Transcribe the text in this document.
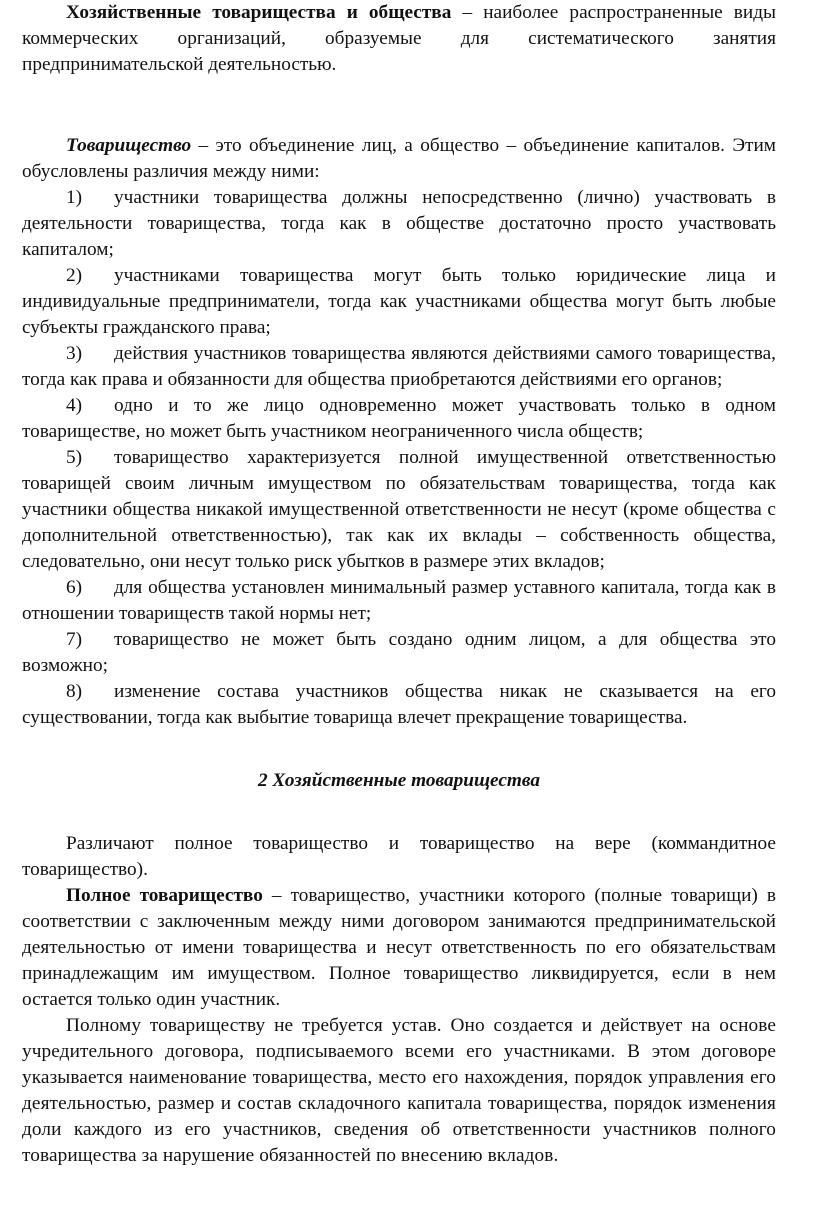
Хозяйственные товарищества и общества – наиболее распространенные виды коммерческих организаций, образуемые для систематического занятия предпринимательской деятельностью.

Товарищество – это объединение лиц, а общество – объединение капиталов. Этим обусловлены различия между ними:

1) участники товарищества должны непосредственно (лично) участвовать в деятельности товарищества, тогда как в обществе достаточно просто участвовать капиталом;

2) участниками товарищества могут быть только юридические лица и индивидуальные предприниматели, тогда как участниками общества могут быть любые субъекты гражданского права;

3) действия участников товарищества являются действиями самого товарищества, тогда как права и обязанности для общества приобретаются действиями его органов;

4) одно и то же лицо одновременно может участвовать только в одном товариществе, но может быть участником неограниченного числа обществ;

5) товарищество характеризуется полной имущественной ответственностью товарищей своим личным имуществом по обязательствам товарищества, тогда как участники общества никакой имущественной ответственности не несут (кроме общества с дополнительной ответственностью), так как их вклады – собственность общества, следовательно, они несут только риск убытков в размере этих вкладов;

6) для общества установлен минимальный размер уставного капитала, тогда как в отношении товариществ такой нормы нет;

7) товарищество не может быть создано одним лицом, а для общества это возможно;

8) изменение состава участников общества никак не сказывается на его существовании, тогда как выбытие товарища влечет прекращение товарищества.

2 Хозяйственные товарищества

Различают полное товарищество и товарищество на вере (коммандитное товарищество).

Полное товарищество – товарищество, участники которого (полные товарищи) в соответствии с заключенным между ними договором занимаются предпринимательской деятельностью от имени товарищества и несут ответственность по его обязательствам принадлежащим им имуществом. Полное товарищество ликвидируется, если в нем остается только один участник.

Полному товариществу не требуется устав. Оно создается и действует на основе учредительного договора, подписываемого всеми его участниками. В этом договоре указывается наименование товарищества, место его нахождения, порядок управления его деятельностью, размер и состав складочного капитала товарищества, порядок изменения доли каждого из его участников, сведения об ответственности участников полного товарищества за нарушение обязанностей по внесению вкладов.
